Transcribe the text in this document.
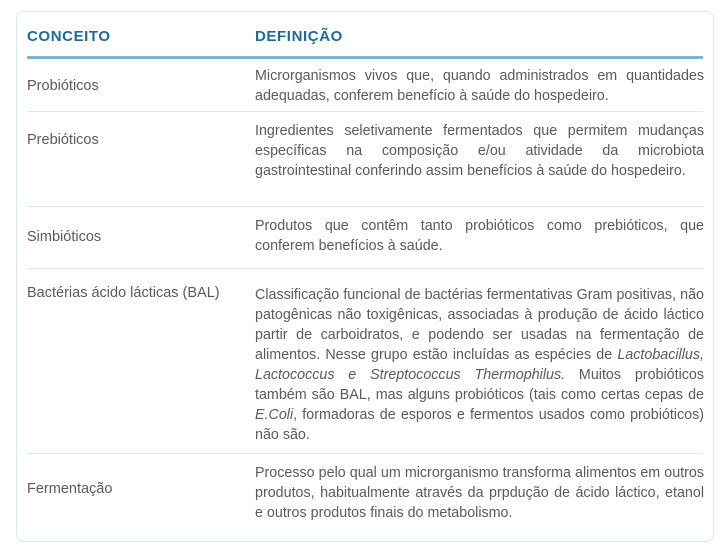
CONCEITO	DEFINIÇÃO
Probióticos
Microrganismos vivos que, quando administrados em quantidades adequadas, conferem benefício à saúde do hospedeiro.
Prebióticos
Ingredientes seletivamente fermentados que permitem mudanças específicas na composição e/ou atividade da microbiota gastrointestinal conferindo assim benefícios à saúde do hospedeiro.
Simbióticos
Produtos que contêm tanto probióticos como prebióticos, que conferem benefícios à saúde.
Bactérias ácido lácticas (BAL) Classificação funcional de bactérias fermentativas Gram positivas, não patogênicas não toxigênicas, associadas à produção de ácido láctico partir de carboidratos, e podendo ser usadas na fermentação de alimentos. Nesse grupo estão incluídas as espécies de Lactobacillus, Lactococcus e Streptococcus Thermophilus. Muitos probióticos também são BAL, mas alguns probióticos (tais como certas cepas de E.Coli, formadoras de esporos e fermentos usados como probióticos) não são.
Fermentação
Processo pelo qual um microrganismo transforma alimentos em outros produtos, habitualmente através da prpdução de ácido láctico, etanol e outros produtos finais do metabolismo.
